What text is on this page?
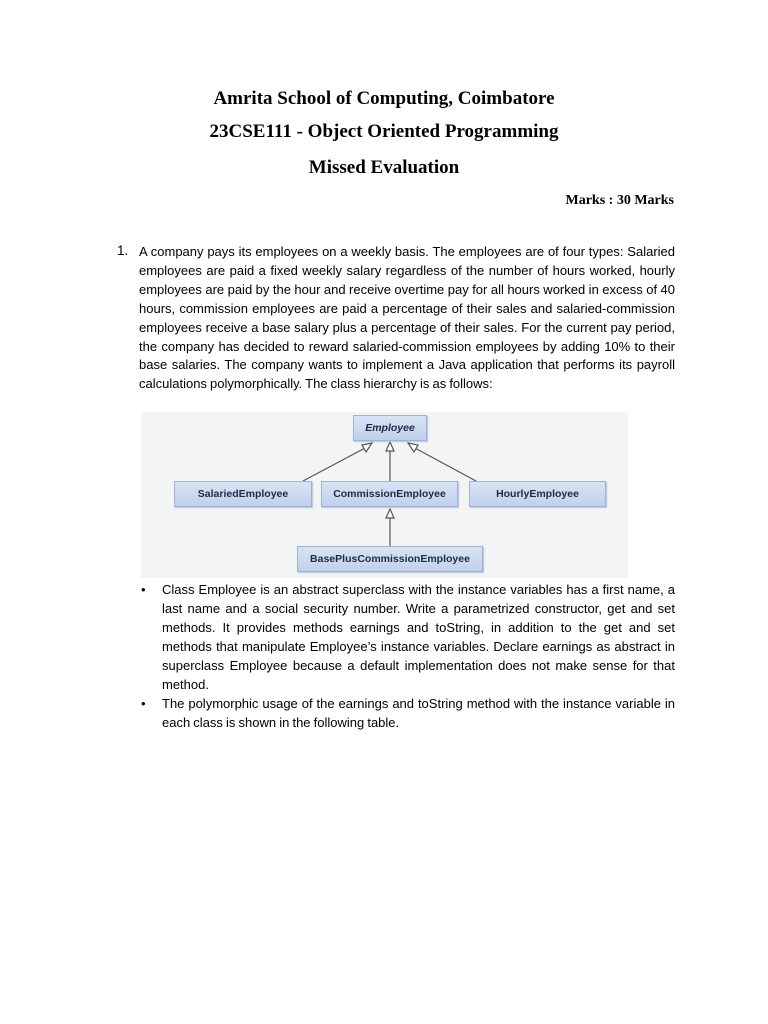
Amrita School of Computing, Coimbatore
23CSE111 - Object Oriented Programming
Missed Evaluation
Marks : 30 Marks
1. A company pays its employees on a weekly basis. The employees are of four types: Salaried employees are paid a fixed weekly salary regardless of the number of hours worked, hourly employees are paid by the hour and receive overtime pay for all hours worked in excess of 40 hours, commission employees are paid a percentage of their sales and salaried-commission employees receive a base salary plus a percentage of their sales. For the current pay period, the company has decided to reward salaried-commission employees by adding 10% to their base salaries. The company wants to implement a Java application that performs its payroll calculations polymorphically. The class hierarchy is as follows:
Employee
SalariedEmployee	CommissionEmployee	HourlyEmployee
BasePlusCommissionEmployee
• Class Employee is an abstract superclass with the instance variables has a first name, a last name and a social security number. Write a parametrized constructor, get and set methods. It provides methods earnings and toString, in addition to the get and set methods that manipulate Employee’s instance variables. Declare earnings as abstract in superclass Employee because a default implementation does not make sense for that method.
• The polymorphic usage of the earnings and toString method with the instance variable in each class is shown in the following table.
